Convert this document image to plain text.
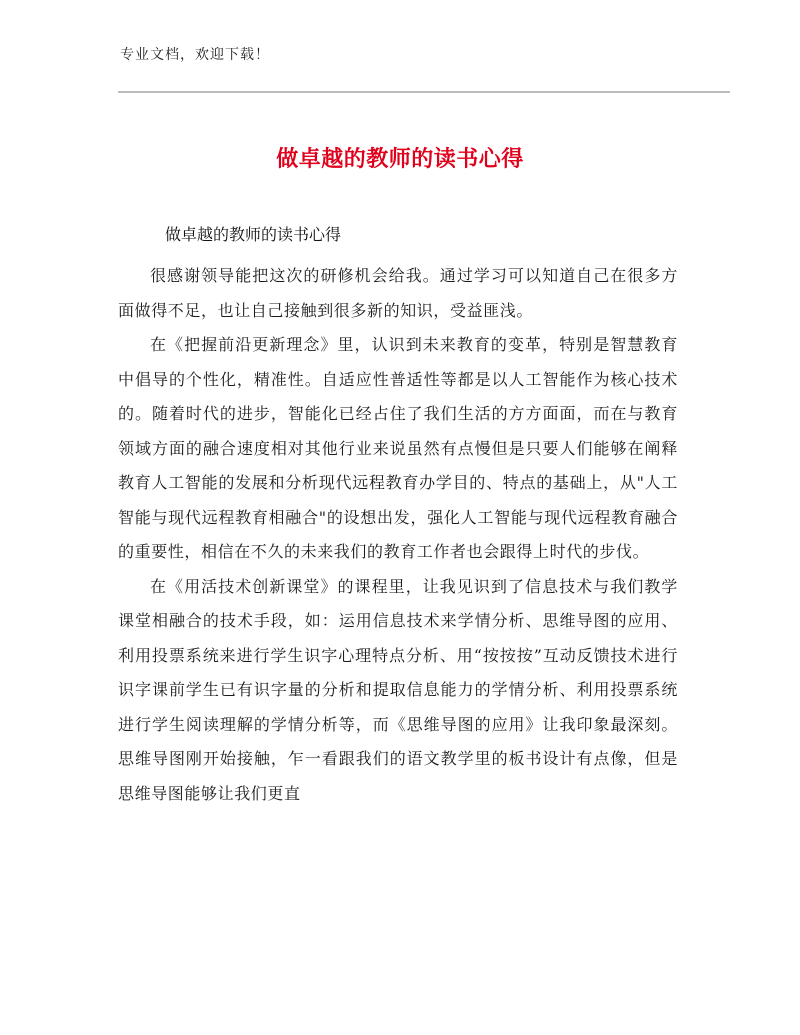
专业文档，欢迎下载！
做卓越的教师的读书心得
做卓越的教师的读书心得

很感谢领导能把这次的研修机会给我。通过学习可以知道自己在很多方面做得不足，也让自己接触到很多新的知识，受益匪浅。

在《把握前沿更新理念》里，认识到未来教育的变革，特别是智慧教育中倡导的个性化，精准性。自适应性普适性等都是以人工智能作为核心技术的。随着时代的进步，智能化已经占住了我们生活的方方面面，而在与教育领域方面的融合速度相对其他行业来说虽然有点慢但是只要人们能够在阐释教育人工智能的发展和分析现代远程教育办学目的、特点的基础上，从"人工智能与现代远程教育相融合"的设想出发，强化人工智能与现代远程教育融合的重要性，相信在不久的未来我们的教育工作者也会跟得上时代的步伐。

在《用活技术创新课堂》的课程里，让我见识到了信息技术与我们教学课堂相融合的技术手段，如：运用信息技术来学情分析、思维导图的应用、利用投票系统来进行学生识字心理特点分析、用“按按按”互动反馈技术进行识字课前学生已有识字量的分析和提取信息能力的学情分析、利用投票系统进行学生阅读理解的学情分析等，而《思维导图的应用》让我印象最深刻。思维导图刚开始接触，乍一看跟我们的语文教学里的板书设计有点像，但是思维导图能够让我们更直
